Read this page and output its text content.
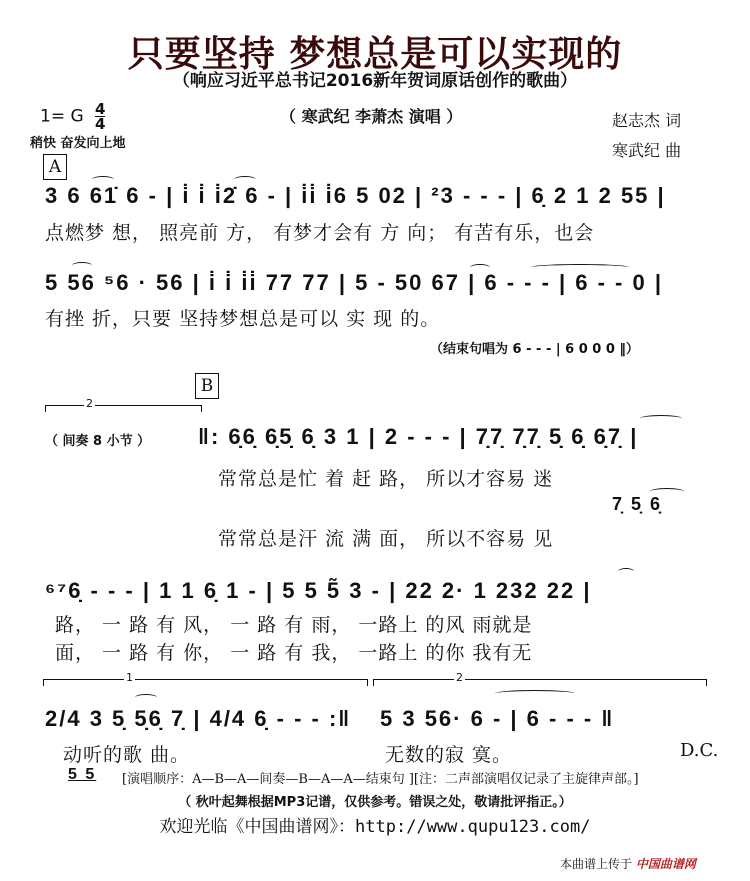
只要坚持 梦想总是可以实现的
（响应习近平总书记2016新年贺词原话创作的歌曲）
1= G $\frac{4}{4}$
稍快 奋发向上地
（ 寒武纪 李萧杰 演唱 ）	赵志杰 词
寒武纪 曲
A
3 6 61̇ 6 - | i̇ i̇ i̇2̇ 6 - | i̇i̇ i̇6 5 02 | ²3 - - - | 6̣ 2 1 2 55 |
点燃梦 想， 照亮前 方， 有梦才会有 方 向； 有苦有乐，也会
5 56 ⁵6 · 56 | i̇ i̇ i̇i̇ 77 77 | 5 - 50 67 | 6 - - - | 6 - - 0 |
有挫 折，只要 坚持梦想总是可以 实 现 的。
（结束句唱为 6 - - - | 6 0 0 0 ‖）
B
2
（ 间奏 8 小节 ） ‖: 6̣6̣ 6̣5̣ 6̣ 3 1 | 2 - - - | 7̣7̣ 7̣7̣ 5̣ 6̣ 6̣7̣ |
常常总是忙 着 赶 路， 所以才容易 迷
7̣ 5̣ 6̣
常常总是汗 流 满 面， 所以不容易 见
⁶⁷6̣ - - - | 1 1 6̣ 1 - | 5 5 5̃ 3 - | 22 2· 1 232 22 |
路， 一 路 有 风， 一 路 有 雨， 一路上 的风 雨就是
面， 一 路 有 你， 一 路 有 我， 一路上 的你 我有无
1	2
2/4 3 5̣ 5̣6̣ 7̣ | 4/4 6̣ - - - :‖ 5 3 56· 6 - | 6 - - - ‖
动听的歌 曲。	无数的寂 寞。	D.C.
5 5 [演唱顺序：A—B—A—间奏—B—A—A—结束句 ][注：二声部演唱仅记录了主旋律声部。]
（ 秋叶起舞根据MP3记谱，仅供参考。错误之处，敬请批评指正。）
欢迎光临《中国曲谱网》：http://www.qupu123.com/
本曲谱上传于 中国曲谱网
